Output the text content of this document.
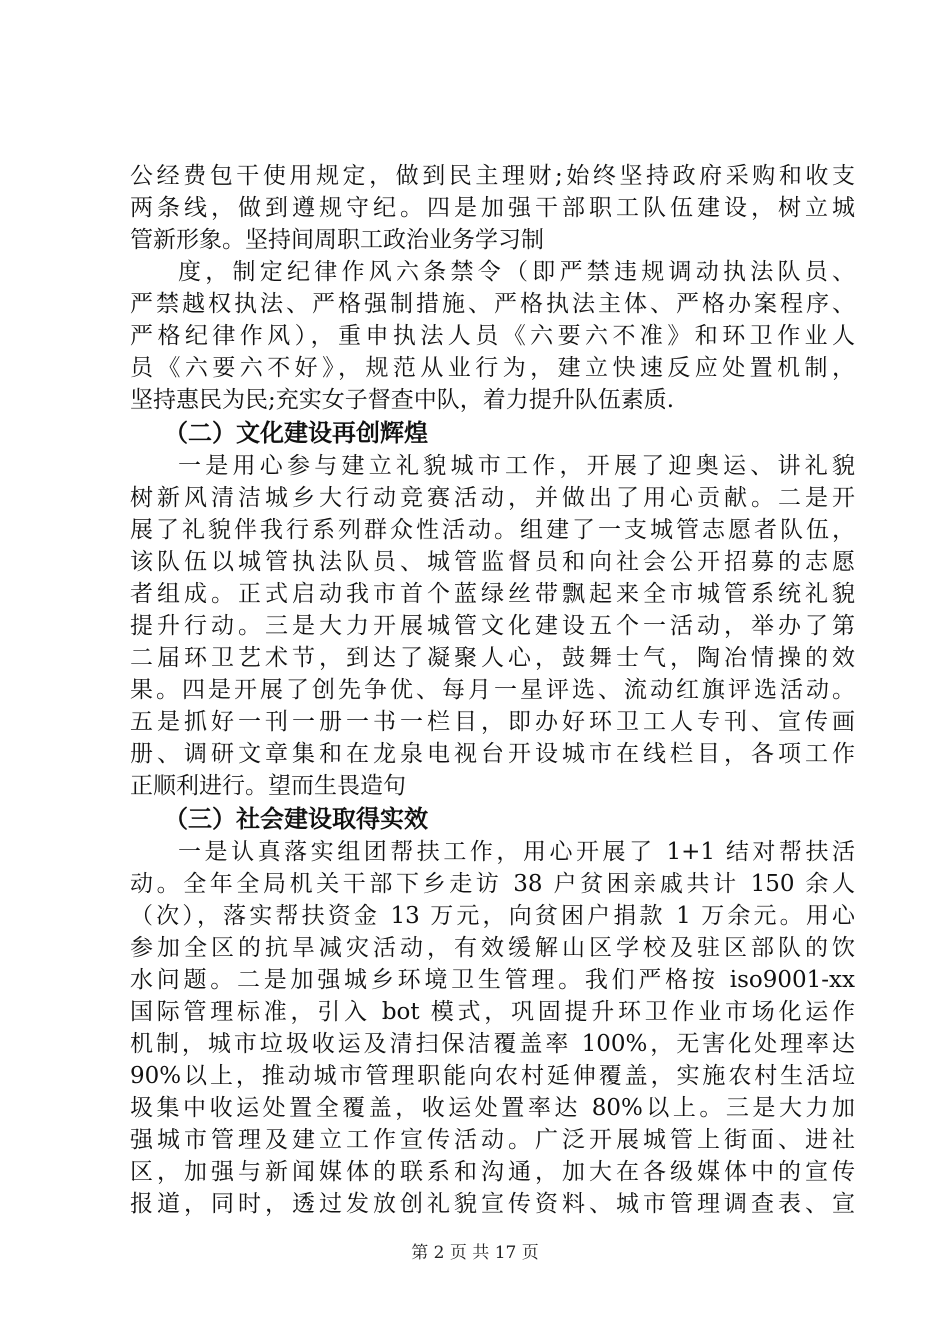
公经费包干使用规定，做到民主理财;始终坚持政府采购和收支
两条线，做到遵规守纪。四是加强干部职工队伍建设，树立城
管新形象。坚持间周职工政治业务学习制
度，制定纪律作风六条禁令（即严禁违规调动执法队员、
严禁越权执法、严格强制措施、严格执法主体、严格办案程序、
严格纪律作风），重申执法人员《六要六不准》和环卫作业人
员《六要六不好》，规范从业行为，建立快速反应处置机制，
坚持惠民为民;充实女子督查中队，着力提升队伍素质.
（二）文化建设再创辉煌
一是用心参与建立礼貌城市工作，开展了迎奥运、讲礼貌
树新风清洁城乡大行动竞赛活动，并做出了用心贡献。二是开
展了礼貌伴我行系列群众性活动。组建了一支城管志愿者队伍，
该队伍以城管执法队员、城管监督员和向社会公开招募的志愿
者组成。正式启动我市首个蓝绿丝带飘起来全市城管系统礼貌
提升行动。三是大力开展城管文化建设五个一活动，举办了第
二届环卫艺术节，到达了凝聚人心，鼓舞士气，陶冶情操的效
果。四是开展了创先争优、每月一星评选、流动红旗评选活动。
五是抓好一刊一册一书一栏目，即办好环卫工人专刊、宣传画
册、调研文章集和在龙泉电视台开设城市在线栏目，各项工作
正顺利进行。望而生畏造句
（三）社会建设取得实效
一是认真落实组团帮扶工作，用心开展了 1+1 结对帮扶活
动。全年全局机关干部下乡走访 38 户贫困亲戚共计 150 余人
（次），落实帮扶资金 13 万元，向贫困户捐款 1 万余元。用心
参加全区的抗旱减灾活动，有效缓解山区学校及驻区部队的饮
水问题。二是加强城乡环境卫生管理。我们严格按 iso9001-xx
国际管理标准，引入 bot 模式，巩固提升环卫作业市场化运作
机制，城市垃圾收运及清扫保洁覆盖率 100%，无害化处理率达
90%以上，推动城市管理职能向农村延伸覆盖，实施农村生活垃
圾集中收运处置全覆盖，收运处置率达 80%以上。三是大力加
强城市管理及建立工作宣传活动。广泛开展城管上街面、进社
区，加强与新闻媒体的联系和沟通，加大在各级媒体中的宣传
报道，同时，透过发放创礼貌宣传资料、城市管理调查表、宣
第 2 页 共 17 页
